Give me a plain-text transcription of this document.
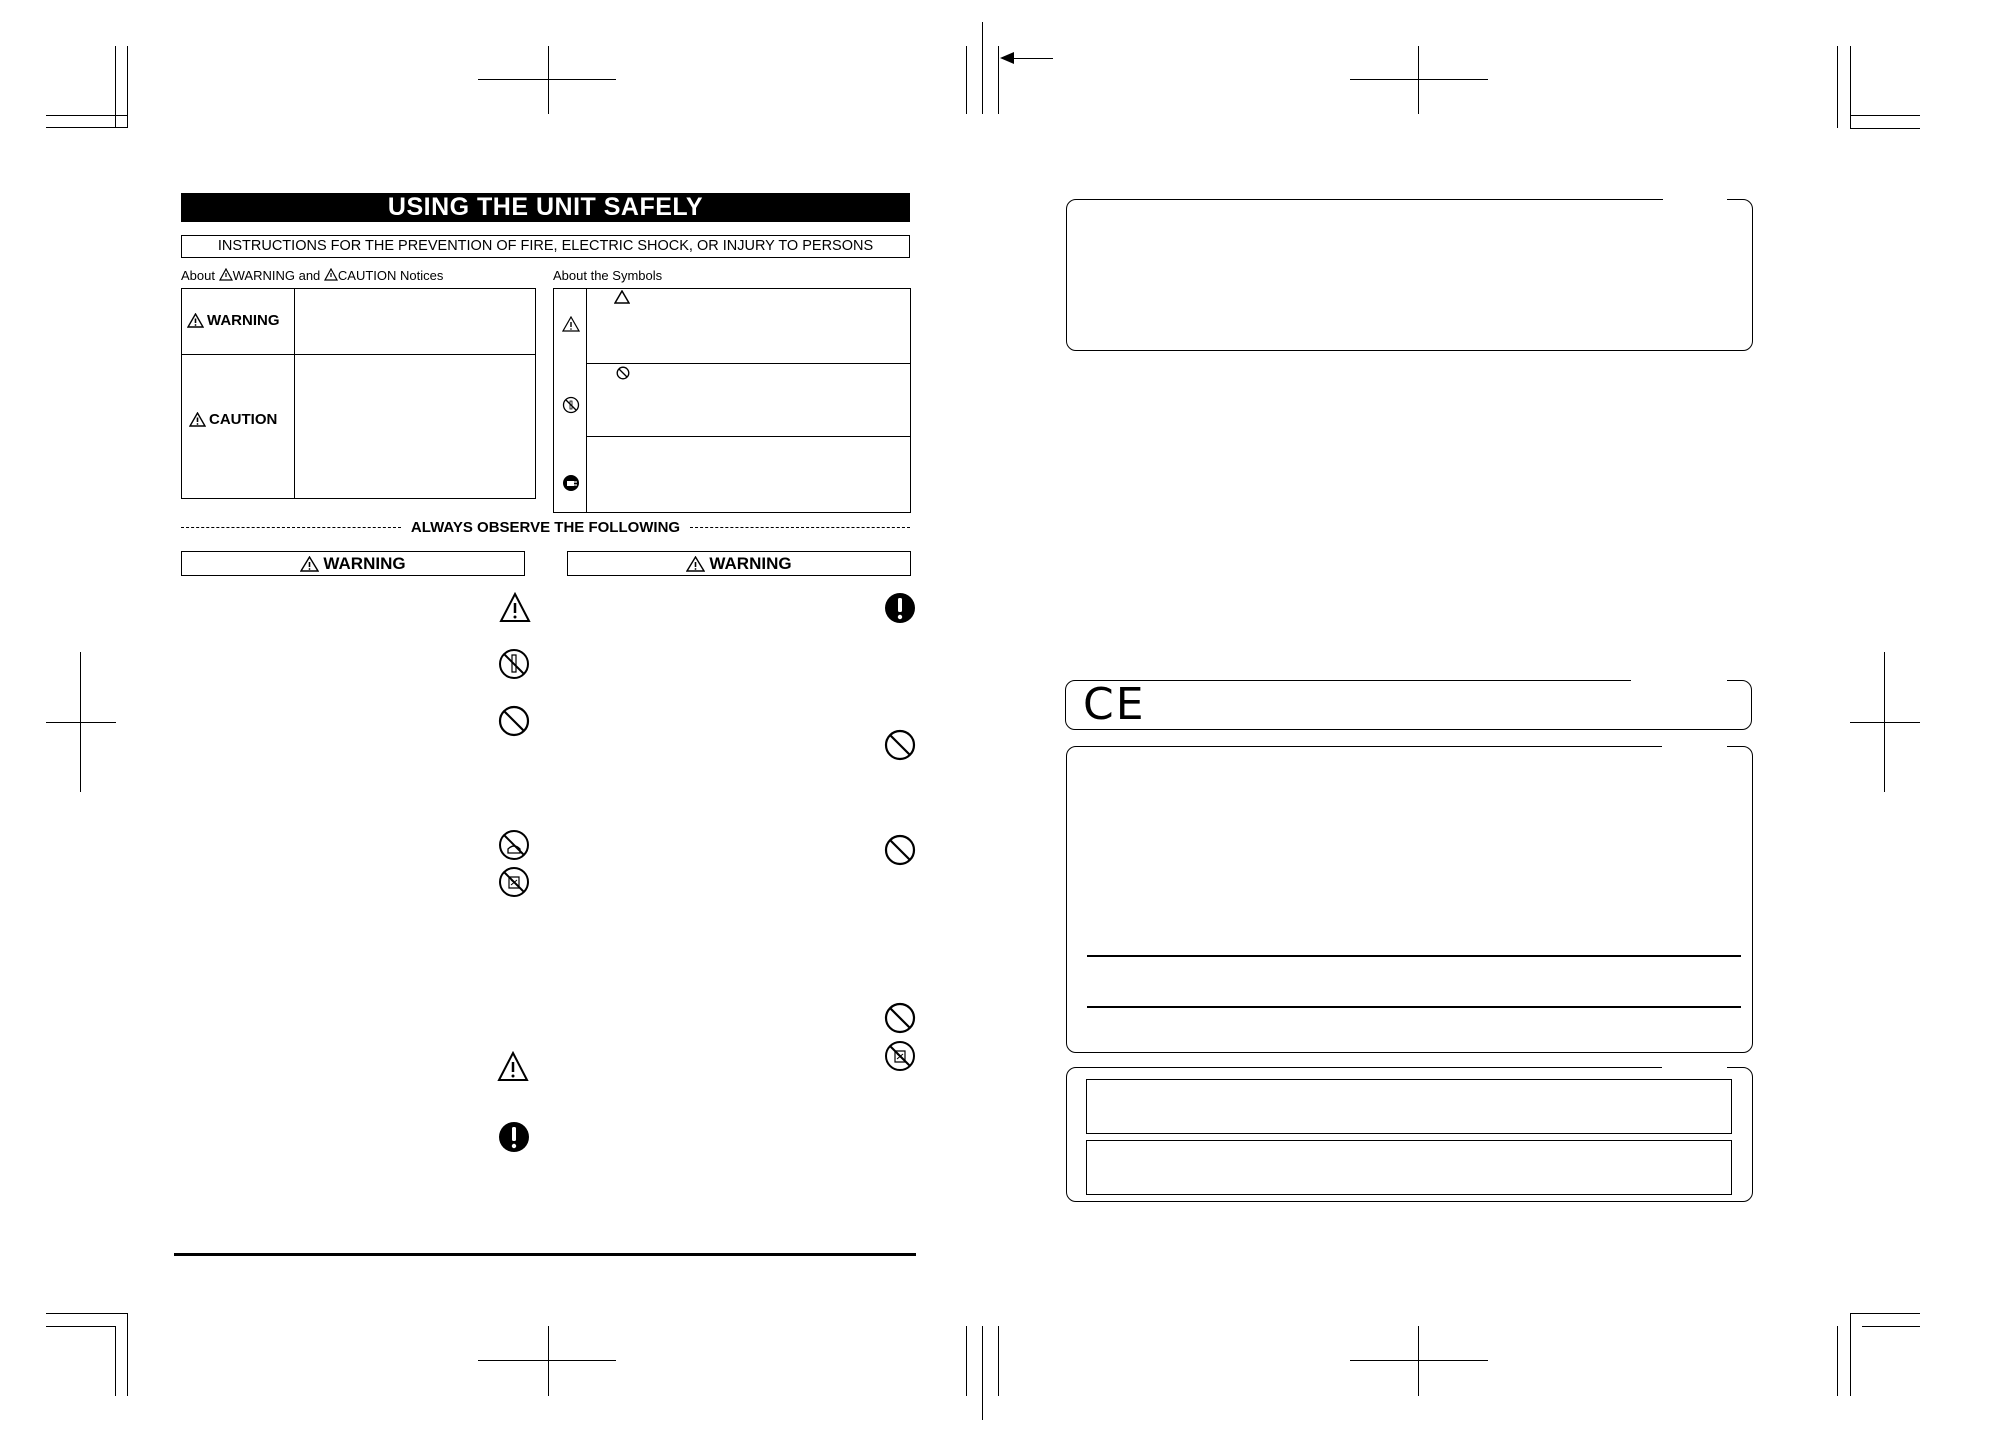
USING THE UNIT SAFELY
INSTRUCTIONS FOR THE PREVENTION OF FIRE, ELECTRIC SHOCK, OR INJURY TO PERSONS
About WARNING and CAUTION Notices	About the Symbols
WARNING
CAUTION
ALWAYS OBSERVE THE FOLLOWING
WARNING	WARNING
CE
